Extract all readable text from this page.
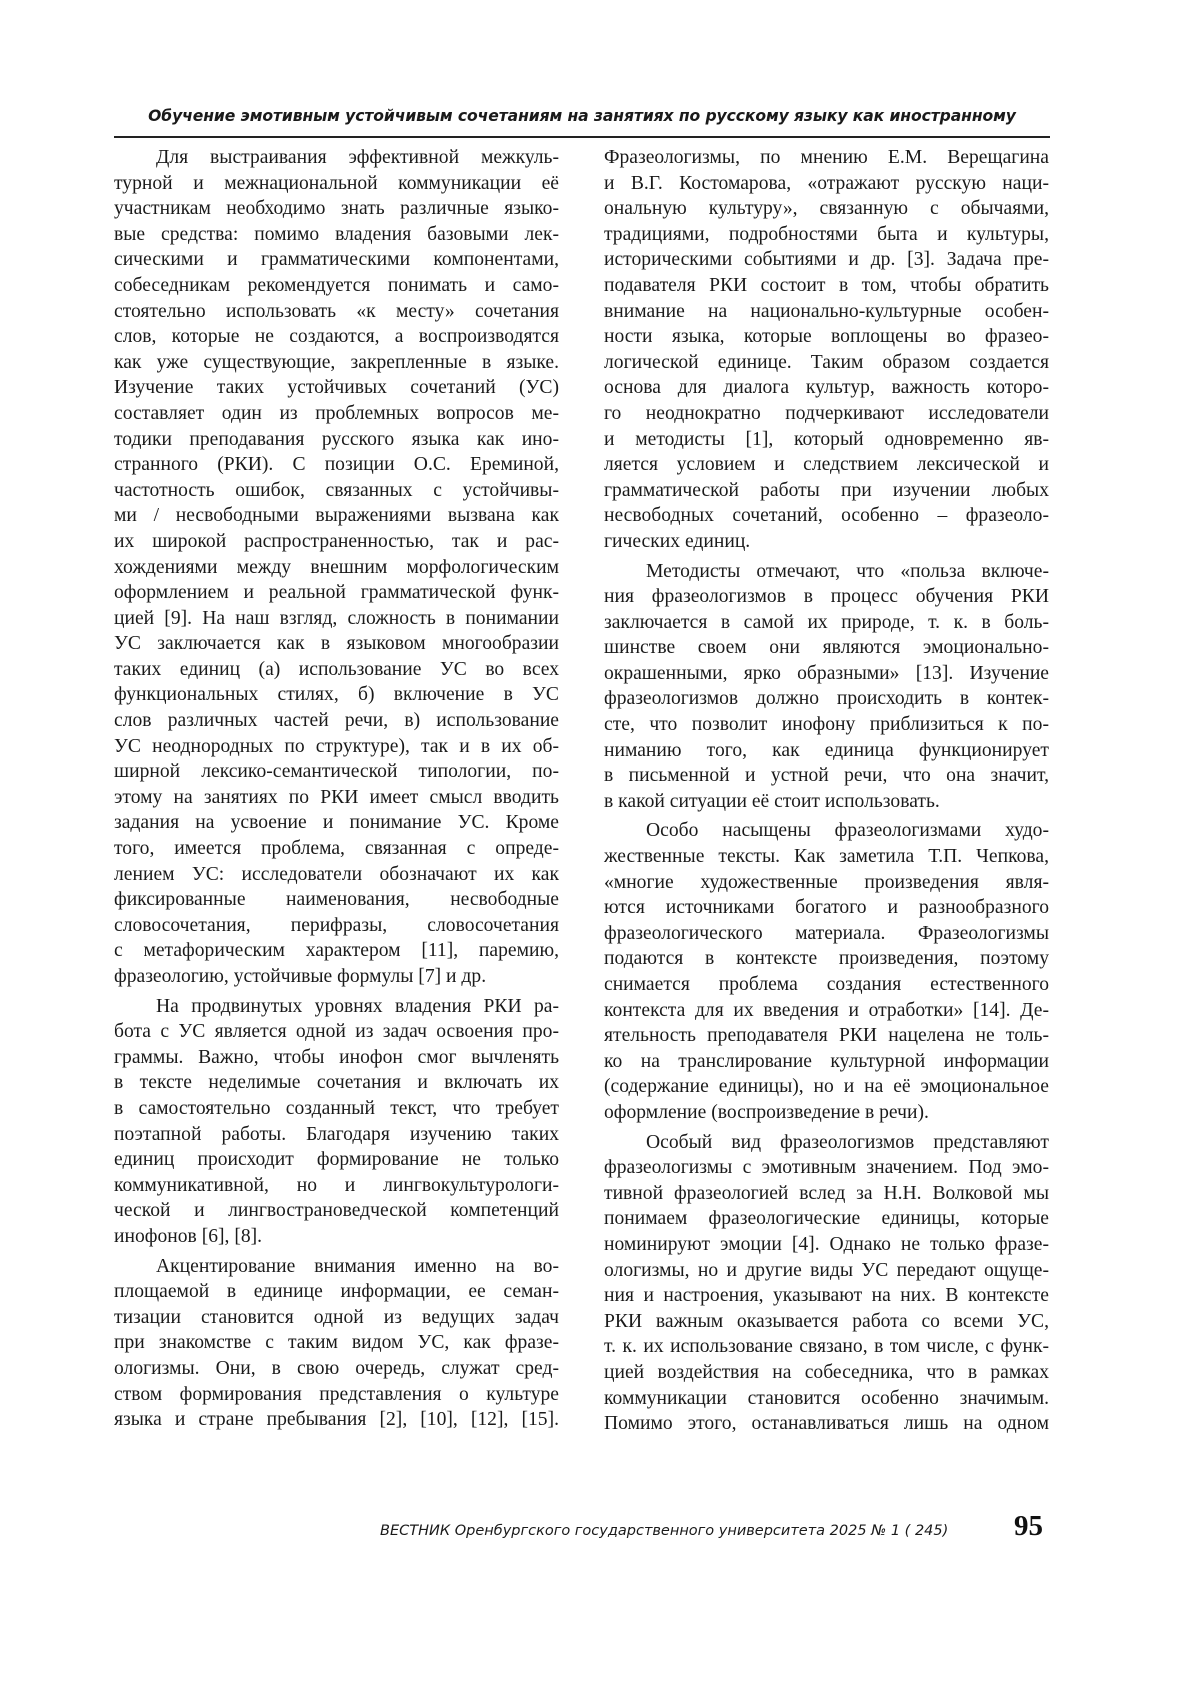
Обучение эмотивным устойчивым сочетаниям на занятиях по русскому языку как иностранному
Для выстраивания эффективной межкуль-
турной и межнациональной коммуникации её
участникам необходимо знать различные языко-
вые средства: помимо владения базовыми лек-
сическими и грамматическими компонентами,
собеседникам рекомендуется понимать и само-
стоятельно использовать «к месту» сочетания
слов, которые не создаются, а воспроизводятся
как уже существующие, закрепленные в языке.
Изучение таких устойчивых сочетаний (УС)
составляет один из проблемных вопросов ме-
тодики преподавания русского языка как ино-
странного (РКИ). С позиции О.С. Ереминой,
частотность ошибок, связанных с устойчивы-
ми / несвободными выражениями вызвана как
их широкой распространенностью, так и рас-
хождениями между внешним морфологическим
оформлением и реальной грамматической функ-
цией [9]. На наш взгляд, сложность в понимании
УС заключается как в языковом многообразии
таких единиц (а) использование УС во всех
функциональных стилях, б) включение в УС
слов различных частей речи, в) использование
УС неоднородных по структуре), так и в их об-
ширной лексико-семантической типологии, по-
этому на занятиях по РКИ имеет смысл вводить
задания на усвоение и понимание УС. Кроме
того, имеется проблема, связанная с опреде-
лением УС: исследователи обозначают их как
фиксированные наименования, несвободные
словосочетания, перифразы, словосочетания
с метафорическим характером [11], паремию,
фразеологию, устойчивые формулы [7] и др.
На продвинутых уровнях владения РКИ ра-
бота с УС является одной из задач освоения про-
граммы. Важно, чтобы инофон смог вычленять
в тексте неделимые сочетания и включать их
в самостоятельно созданный текст, что требует
поэтапной работы. Благодаря изучению таких
единиц происходит формирование не только
коммуникативной, но и лингвокультурологи-
ческой и лингвострановедческой компетенций
инофонов [6], [8].
Акцентирование внимания именно на во-
площаемой в единице информации, ее семан-
тизации становится одной из ведущих задач
при знакомстве с таким видом УС, как фразе-
ологизмы. Они, в свою очередь, служат сред-
ством формирования представления о культуре
языка и стране пребывания [2], [10], [12], [15].
Фразеологизмы, по мнению Е.М. Верещагина
и В.Г. Костомарова, «отражают русскую наци-
ональную культуру», связанную с обычаями,
традициями, подробностями быта и культуры,
историческими событиями и др. [3]. Задача пре-
подавателя РКИ состоит в том, чтобы обратить
внимание на национально-культурные особен-
ности языка, которые воплощены во фразео-
логической единице. Таким образом создается
основа для диалога культур, важность которо-
го неоднократно подчеркивают исследователи
и методисты [1], который одновременно яв-
ляется условием и следствием лексической и
грамматической работы при изучении любых
несвободных сочетаний, особенно – фразеоло-
гических единиц.
Методисты отмечают, что «польза включе-
ния фразеологизмов в процесс обучения РКИ
заключается в самой их природе, т. к. в боль-
шинстве своем они являются эмоционально-
окрашенными, ярко образными» [13]. Изучение
фразеологизмов должно происходить в контек-
сте, что позволит инофону приблизиться к по-
ниманию того, как единица функционирует
в письменной и устной речи, что она значит,
в какой ситуации её стоит использовать.
Особо насыщены фразеологизмами худо-
жественные тексты. Как заметила Т.П. Чепкова,
«многие художественные произведения явля-
ются источниками богатого и разнообразного
фразеологического материала. Фразеологизмы
подаются в контексте произведения, поэтому
снимается проблема создания естественного
контекста для их введения и отработки» [14]. Де-
ятельность преподавателя РКИ нацелена не толь-
ко на транслирование культурной информации
(содержание единицы), но и на её эмоциональное
оформление (воспроизведение в речи).
Особый вид фразеологизмов представляют
фразеологизмы с эмотивным значением. Под эмо-
тивной фразеологией вслед за Н.Н. Волковой мы
понимаем фразеологические единицы, которые
номинируют эмоции [4]. Однако не только фразе-
ологизмы, но и другие виды УС передают ощуще-
ния и настроения, указывают на них. В контексте
РКИ важным оказывается работа со всеми УС,
т. к. их использование связано, в том числе, с функ-
цией воздействия на собеседника, что в рамках
коммуникации становится особенно значимым.
Помимо этого, останавливаться лишь на одном
ВЕСТНИК Оренбургского государственного университета 2025 № 1 ( 245) 95
